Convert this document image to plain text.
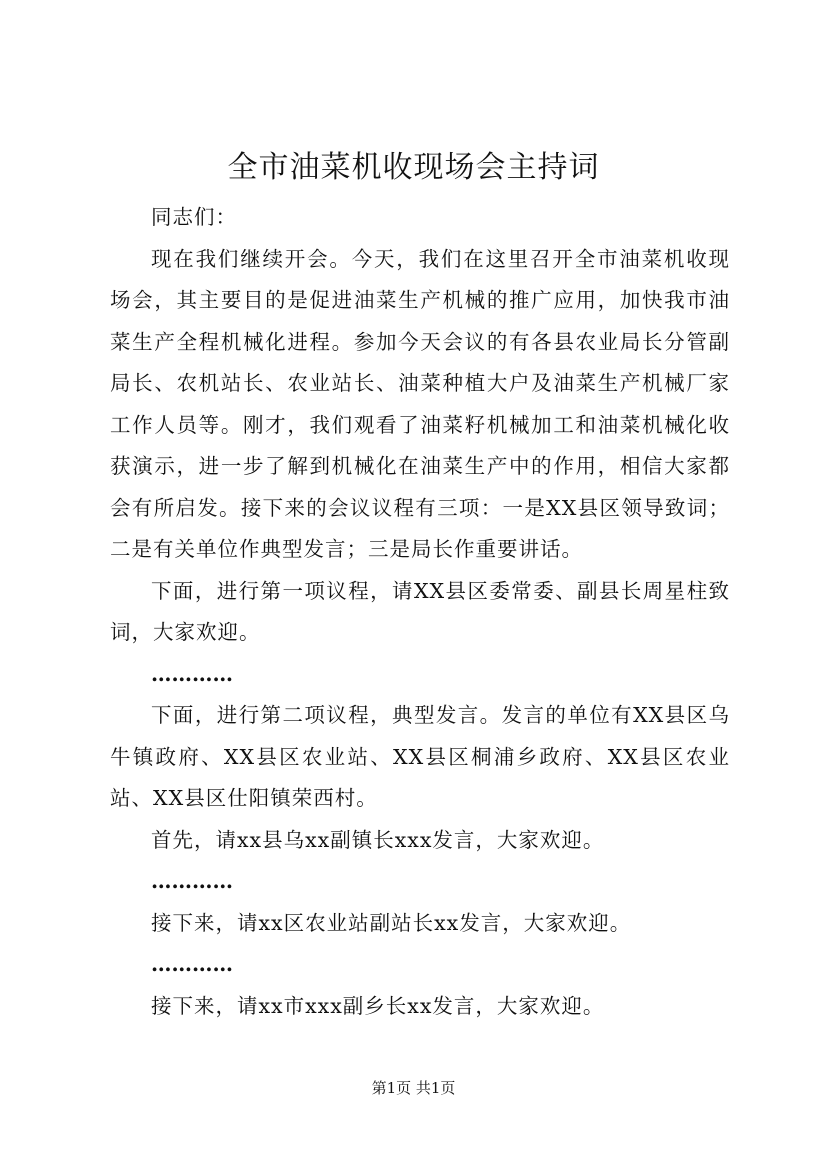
全市油菜机收现场会主持词

同志们：

现在我们继续开会。今天，我们在这里召开全市油菜机收现场会，其主要目的是促进油菜生产机械的推广应用，加快我市油菜生产全程机械化进程。参加今天会议的有各县农业局长分管副局长、农机站长、农业站长、油菜种植大户及油菜生产机械厂家工作人员等。刚才，我们观看了油菜籽机械加工和油菜机械化收获演示，进一步了解到机械化在油菜生产中的作用，相信大家都会有所启发。接下来的会议议程有三项：一是XX县区领导致词；二是有关单位作典型发言；三是局长作重要讲话。

下面，进行第一项议程，请XX县区委常委、副县长周星柱致词，大家欢迎。

…………

下面，进行第二项议程，典型发言。发言的单位有XX县区乌牛镇政府、XX县区农业站、XX县区桐浦乡政府、XX县区农业站、XX县区仕阳镇荣西村。

首先，请xx县乌xx副镇长xxx发言，大家欢迎。

…………

接下来，请xx区农业站副站长xx发言，大家欢迎。

…………

接下来，请xx市xxx副乡长xx发言，大家欢迎。

第1页 共1页
